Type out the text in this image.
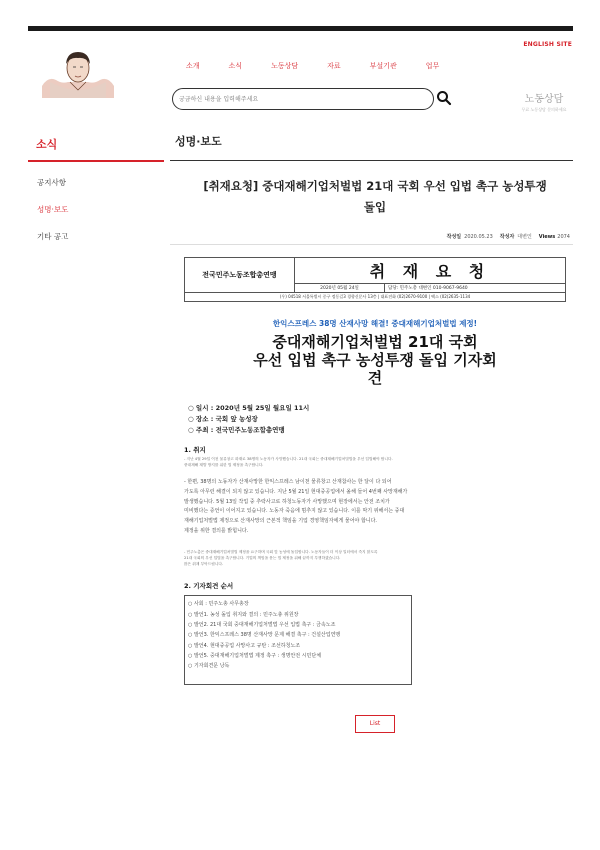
ENGLISH SITE
소개	소식	노동상담	자료	부설기관	업무
궁금하신 내용을 입력해주세요
노동상담
무료 노동상담 문의하세요
소식
공지사항
성명·보도
기타 공고
성명·보도
[취재요청] 중대재해기업처벌법 21대 국회 우선 입법 촉구 농성투쟁
돌입
작성일 2020.05.23 작성자 대변인 Views 2074
전국민주노동조합총연맹	취 재 요 청	
	2020년 05월 24일	담당: 민주노총 대변인 010-9067-9640
(우) 04518 서울특별시 중구 정동길3 경향신문사 13층 | 대표전화 (02)2670-9100 | 팩스 (02)2635-1134		
한익스프레스 38명 산재사망 해결! 중대재해기업처벌법 제정!
중대재해기업처벌법 21대 국회
우선 입법 촉구 농성투쟁 돌입 기자회
견
○ 일시 : 2020년 5월 25일 월요일 11시
○ 장소 : 국회 앞 농성장
○ 주최 : 전국민주노동조합총연맹
1. 취지
- 지난 4월 29일 이천 물류창고 화재로 38명의 노동자가 사망했습니다. 21대 국회는 중대재해기업처벌법을 우선 입법해야 합니다.
중대재해 재발 방지를 위한 법 제정을 촉구합니다.
- 한편, 38명의 노동자가 산재사망한 한익스프레스 남이천 물류창고 산재참사는 한 달이 다 되어
가도록 아무런 해결이 되지 않고 있습니다. 지난 5월 21일 현대중공업에서 올해 들어 4번째 사망재해가
발생했습니다. 5월 13일 작업 중 추락사고로 하청노동자가 사망했으며 현장에서는 안전 조치가
미비했다는 증언이 이어지고 있습니다. 노동자 죽음에 멈추지 않고 있습니다. 이를 막기 위해서는 중대
재해기업처벌법 제정으로 산재사망의 근본적 책임을 기업 경영책임자에게 물어야 합니다.
제정을 위한 결의를 밝힙니다.
- 민주노총은 중대재해기업처벌법 제정을 요구하며 국회 앞 농성에 돌입합니다. 노동자들이 더 이상 일터에서 죽지 않도록
21대 국회의 우선 입법을 촉구합니다. 기업의 책임을 묻는 법 제정을 위해 끝까지 투쟁하겠습니다.
많은 취재 부탁드립니다.
2. 기자회견 순서
○ 사회 : 민주노총 사무총장
○ 발언1. 농성 돌입 취지와 결의 : 민주노총 위원장
○ 발언2. 21대 국회 중대재해기업처벌법 우선 입법 촉구 : 금속노조
○ 발언3. 한익스프레스 38명 산재사망 문제 해결 촉구 : 건설산업연맹
○ 발언4. 현대중공업 사망사고 규탄 : 조선하청노조
○ 발언5. 중대재해기업처벌법 제정 촉구 : 생명안전 시민단체
○ 기자회견문 낭독
List
